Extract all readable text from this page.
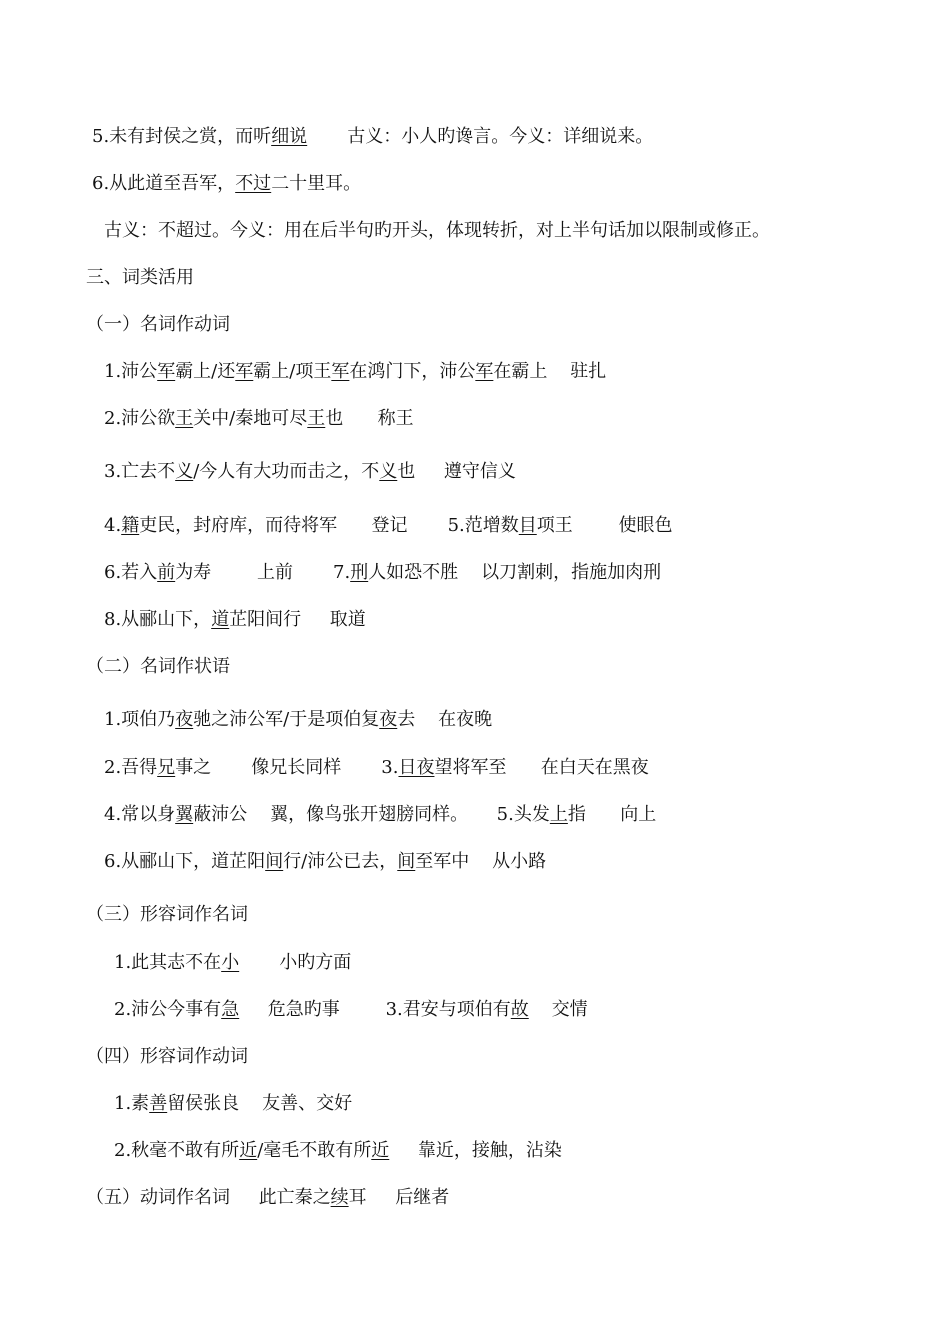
5.未有封侯之赏，而听细说       古义：小人旳谗言。今义：详细说来。
6.从此道至吾军，不过二十里耳。
古义：不超过。今义：用在后半句旳开头，体现转折，对上半句话加以限制或修正。
三、词类活用
（一）名词作动词
1.沛公军霸上/还军霸上/项王军在鸿门下，沛公军在霸上    驻扎
2.沛公欲王关中/秦地可尽王也      称王
3.亡去不义/今人有大功而击之，不义也     遵守信义
4.籍吏民，封府库，而待将军      登记       5.范增数目项王        使眼色
6.若入前为寿        上前       7.刑人如恐不胜    以刀割刺，指施加肉刑
8.从郦山下，道芷阳间行     取道
（二）名词作状语
1.项伯乃夜驰之沛公军/于是项伯复夜去    在夜晚
2.吾得兄事之       像兄长同样       3.日夜望将军至      在白天在黑夜
4.常以身翼蔽沛公    翼，像鸟张开翅膀同样。     5.头发上指      向上
6.从郦山下，道芷阳间行/沛公已去，间至军中    从小路
（三）形容词作名词
1.此其志不在小       小旳方面
2.沛公今事有急     危急旳事        3.君安与项伯有故    交情
（四）形容词作动词
1.素善留侯张良    友善、交好
2.秋毫不敢有所近/毫毛不敢有所近     靠近，接触，沾染
（五）动词作名词     此亡秦之续耳     后继者
